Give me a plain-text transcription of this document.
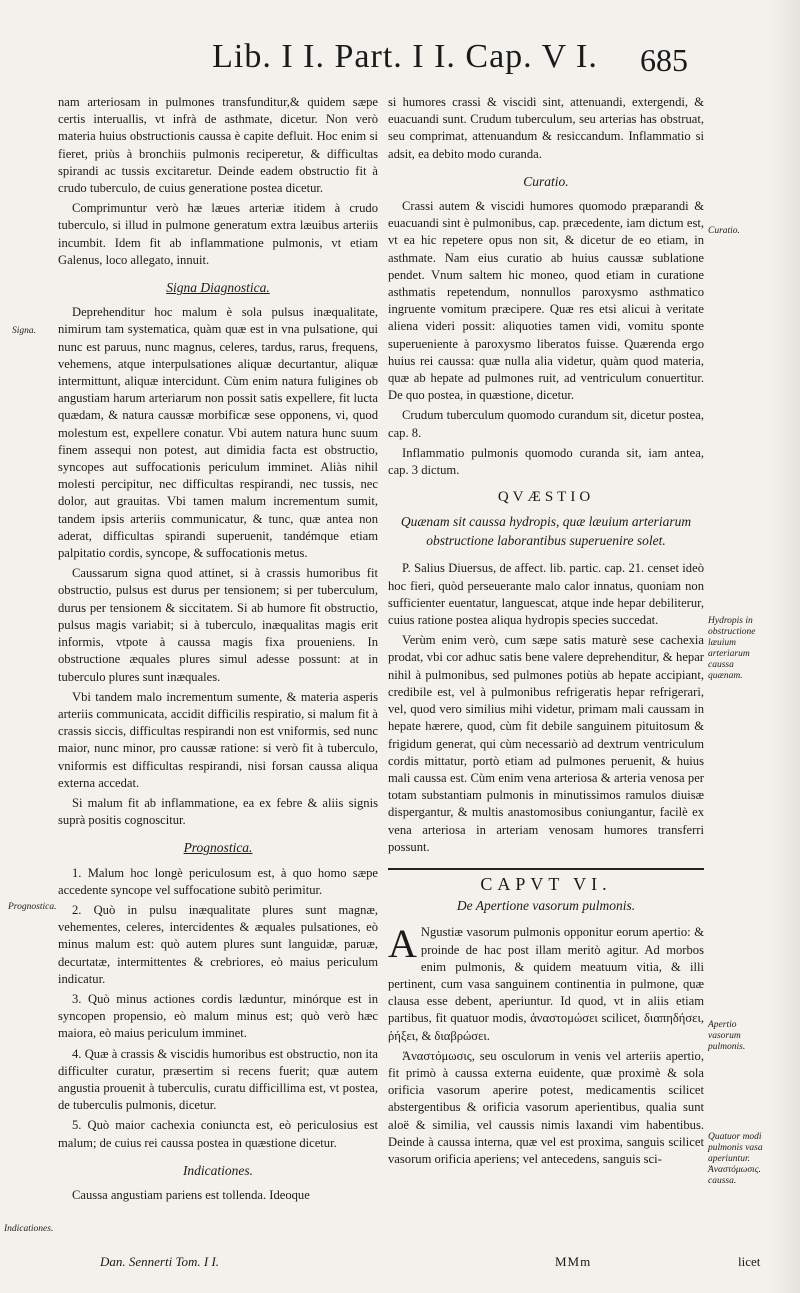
Lib. I I. Part. I I. Cap. V I.	685

nam arteriosam in pulmones transfunditur,& quidem sæpe certis interuallis, vt infrà de asthmate, dicetur. Non verò materia huius obstructionis caussa è capite defluit. Hoc enim si fieret, priùs à bronchiis pulmonis reciperetur, & difficultas spirandi ac tussis excitaretur. Deinde eadem obstructio fit à crudo tuberculo, de cuius generatione postea dicetur.

Comprimuntur verò hæ læues arteriæ itidem à crudo tuberculo, si illud in pulmone generatum extra læuibus arteriis incumbit. Idem fit ab inflammatione pulmonis, vt etiam Galenus, loco allegato, innuit.

Signa Diagnostica.

Deprehenditur hoc malum è sola pulsus inæqualitate, nimirum tam systematica, quàm quæ est in vna pulsatione, qui nunc est paruus, nunc magnus, celeres, tardus, rarus, frequens, vehemens, atque interpulsationes aliquæ decurtantur, aliquæ intermittunt, aliquæ intercidunt. Cùm enim natura fuligines ob angustiam harum arteriarum non possit satis expellere, fit lucta quædam, & natura caussæ morbificæ sese opponens, vi, quod molestum est, expellere conatur. Vbi autem natura hunc suum finem assequi non potest, aut dimidia facta est obstructio, syncopes aut suffocationis periculum imminet. Aliàs nihil molesti percipitur, nec difficultas respirandi, nec tussis, nec dolor, aut grauitas. Vbi tamen malum incrementum sumit, tandem ipsis arteriis communicatur, & tunc, quæ antea non aderat, difficultas spirandi superuenit, tandémque etiam palpitatio cordis, syncope, & suffocationis metus.

Caussarum signa quod attinet, si à crassis humoribus fit obstructio, pulsus est durus per tensionem; si per tuberculum, durus per tensionem & siccitatem. Si ab humore fit obstructio, pulsus magis variabit; si à tuberculo, inæqualitas magis erit informis, vtpote à caussa magis fixa proueniens. In obstructione æquales plures simul adesse possunt: at in tuberculo plures sunt inæquales.

Vbi tandem malo incrementum sumente, & materia asperis arteriis communicata, accidit difficilis respiratio, si malum fit à crassis siccis, difficultas respirandi non est vniformis, sed nunc maior, nunc minor, pro caussæ ratione: si verò fit à tuberculo, vniformis est difficultas respirandi, nisi forsan caussa aliqua externa accedat.

Si malum fit ab inflammatione, ea ex febre & aliis signis suprà positis cognoscitur.

Prognostica.

1. Malum hoc longè periculosum est, à quo homo sæpe accedente syncope vel suffocatione subitò perimitur.

2. Quò in pulsu inæqualitate plures sunt magnæ, vehementes, celeres, intercidentes & æquales pulsationes, eò minus malum est: quò autem plures sunt languidæ, paruæ, decurtatæ, intermittentes & crebriores, eò maius periculum indicatur.

3. Quò minus actiones cordis læduntur, minórque est in syncopen propensio, eò malum minus est; quò verò hæc maiora, eò maius periculum imminet.

4. Quæ à crassis & viscidis humoribus est obstructio, non ita difficulter curatur, præsertim si recens fuerit; quæ autem angustia prouenit à tuberculis, curatu difficillima est, vt postea, de tuberculis pulmonis, dicetur.

5. Quò maior cachexia coniuncta est, eò periculosius est malum; de cuius rei caussa postea in quæstione dicetur.

Indicationes.

Caussa angustiam pariens est tollenda. Ideoque

si humores crassi & viscidi sint, attenuandi, extergendi, & euacuandi sunt. Crudum tuberculum, seu arterias has obstruat, seu comprimat, attenuandum & resiccandum. Inflammatio si adsit, ea debito modo curanda.

Curatio.

Crassi autem & viscidi humores quomodo præparandi & euacuandi sint è pulmonibus, cap. præcedente, iam dictum est, vt ea hic repetere opus non sit, & dicetur de eo etiam, in asthmate. Nam eius curatio ab huius caussæ sublatione pendet. Vnum saltem hic moneo, quod etiam in curatione asthmatis repetendum, nonnullos paroxysmo asthmatico ingruente vomitum præcipere. Quæ res etsi alicui à veritate aliena videri possit: aliquoties tamen vidi, vomitu sponte superueniente à paroxysmo liberatos fuisse. Quærenda ergo huius rei caussa: quæ nulla alia videtur, quàm quod materia, quæ ab hepate ad pulmones ruit, ad ventriculum conuertitur. De quo postea, in quæstione, dicetur.

Crudum tuberculum quomodo curandum sit, dicetur postea, cap. 8.

Inflammatio pulmonis quomodo curanda sit, iam antea, cap. 3 dictum.

QVÆSTIO

Quænam sit caussa hydropis, quæ læuium arteriarum obstructione laborantibus superuenire solet.

P. Salius Diuersus, de affect. lib. partic. cap. 21. censet ideò hoc fieri, quòd perseuerante malo calor innatus, quoniam non sufficienter euentatur, languescat, atque inde hepar debiliterur, cuius ratione postea aliqua hydropis species succedat.

Verùm enim verò, cum sæpe satis maturè sese cachexia prodat, vbi cor adhuc satis bene valere deprehenditur, & hepar nihil à pulmonibus, sed pulmones potiùs ab hepate accipiant, credibile est, vel à pulmonibus refrigeratis hepar refrigerari, vel, quod vero similius mihi videtur, primam mali caussam in hepate hærere, quod, cùm fit debile sanguinem pituitosum & frigidum generat, qui cùm necessariò ad dextrum ventriculum cordis mittatur, portò etiam ad pulmones peruenit, & huius mali caussa est. Cùm enim vena arteriosa & arteria venosa per totam substantiam pulmonis in minutissimos ramulos diuisæ dispergantur, & multis anastomosibus coniungantur, facilè ex vena arteriosa in arteriam venosam humores transferri possunt.

CAPVT VI.

De Apertione vasorum pulmonis.

A Ngustiæ vasorum pulmonis opponitur eorum apertio: & proinde de hac post illam meritò agitur. Ad morbos enim pulmonis, & quidem meatuum vitia, & illi pertinent, cum vasa sanguinem continentia in pulmone, quæ clausa esse debent, aperiuntur. Id quod, vt in aliis etiam partibus, fit quatuor modis, ἀναστομώσει scilicet, διαπηδήσει, ῥήξει, & διαβρώσει.

Ἀναστόμωσις, seu osculorum in venis vel arteriis apertio, fit primò à caussa externa euidente, quæ proximè & sola orificia vasorum aperire potest, medicamentis scilicet abstergentibus & orificia vasorum aperientibus, qualia sunt aloë & similia, vel caussis nimis laxandi vim habentibus. Deinde à caussa interna, quæ vel est proxima, sanguis scilicet vasorum orificia aperiens; vel antecedens, sanguis sci-

Signa.
Prognostica.
Indicationes.
Curatio.
Hydropis in obstructione læuium arteriarum caussa quænam.
Apertio vasorum pulmonis.
Quatuor modi pulmonis vasa aperiuntur. Ἀναστόμωσις. caussa.
Dan. Sennerti Tom. I I.	MMm	licet
